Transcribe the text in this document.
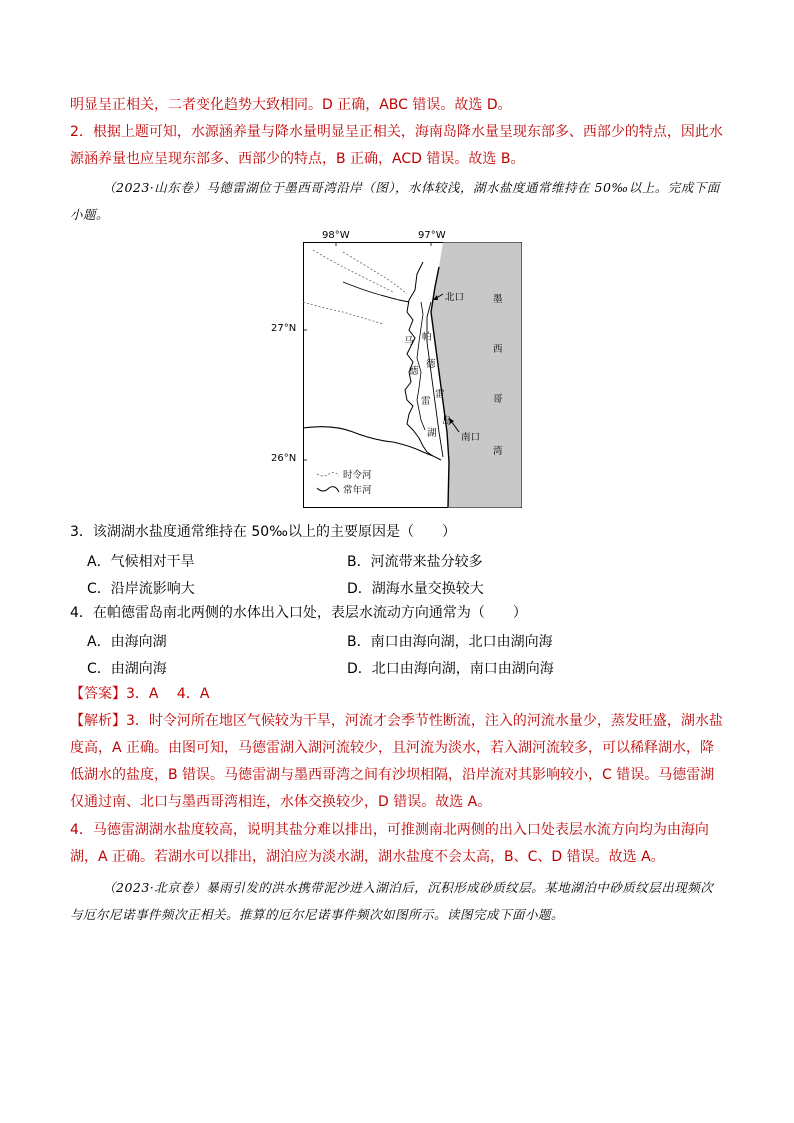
明显呈正相关，二者变化趋势大致相同。D 正确，ABC 错误。故选 D。
2．根据上题可知，水源涵养量与降水量明显呈正相关，海南岛降水量呈现东部多、西部少的特点，因此水源涵养量也应呈现东部多、西部少的特点，B 正确，ACD 错误。故选 B。
（2023·山东卷）马德雷湖位于墨西哥湾沿岸（图），水体较浅，湖水盐度通常维持在 50‰以上。完成下面小题。
北口
南口
帕
德
雷
岛
马
德
雷
湖
墨
西
哥
湾
时令河
常年河
98°W	97°W
27°N
26°N
3．该湖湖水盐度通常维持在 50‰以上的主要原因是（　　）
A．气候相对干旱	B．河流带来盐分较多
C．沿岸流影响大	D．湖海水量交换较大
4．在帕德雷岛南北两侧的水体出入口处，表层水流动方向通常为（　　）
A．由海向湖	B．南口由海向湖，北口由湖向海
C．由湖向海	D．北口由海向湖，南口由湖向海
【答案】3．A　 4．A
【解析】3．时令河所在地区气候较为干旱，河流才会季节性断流，注入的河流水量少，蒸发旺盛，湖水盐度高，A 正确。由图可知，马德雷湖入湖河流较少，且河流为淡水，若入湖河流较多，可以稀释湖水，降低湖水的盐度，B 错误。马德雷湖与墨西哥湾之间有沙坝相隔，沿岸流对其影响较小，C 错误。马德雷湖仅通过南、北口与墨西哥湾相连，水体交换较少，D 错误。故选 A。
4．马德雷湖湖水盐度较高，说明其盐分难以排出，可推测南北两侧的出入口处表层水流方向均为由海向湖，A 正确。若湖水可以排出，湖泊应为淡水湖，湖水盐度不会太高，B、C、D 错误。故选 A。
（2023·北京卷）暴雨引发的洪水携带泥沙进入湖泊后，沉积形成砂质纹层。某地湖泊中砂质纹层出现频次与厄尔尼诺事件频次正相关。推算的厄尔尼诺事件频次如图所示。读图完成下面小题。
